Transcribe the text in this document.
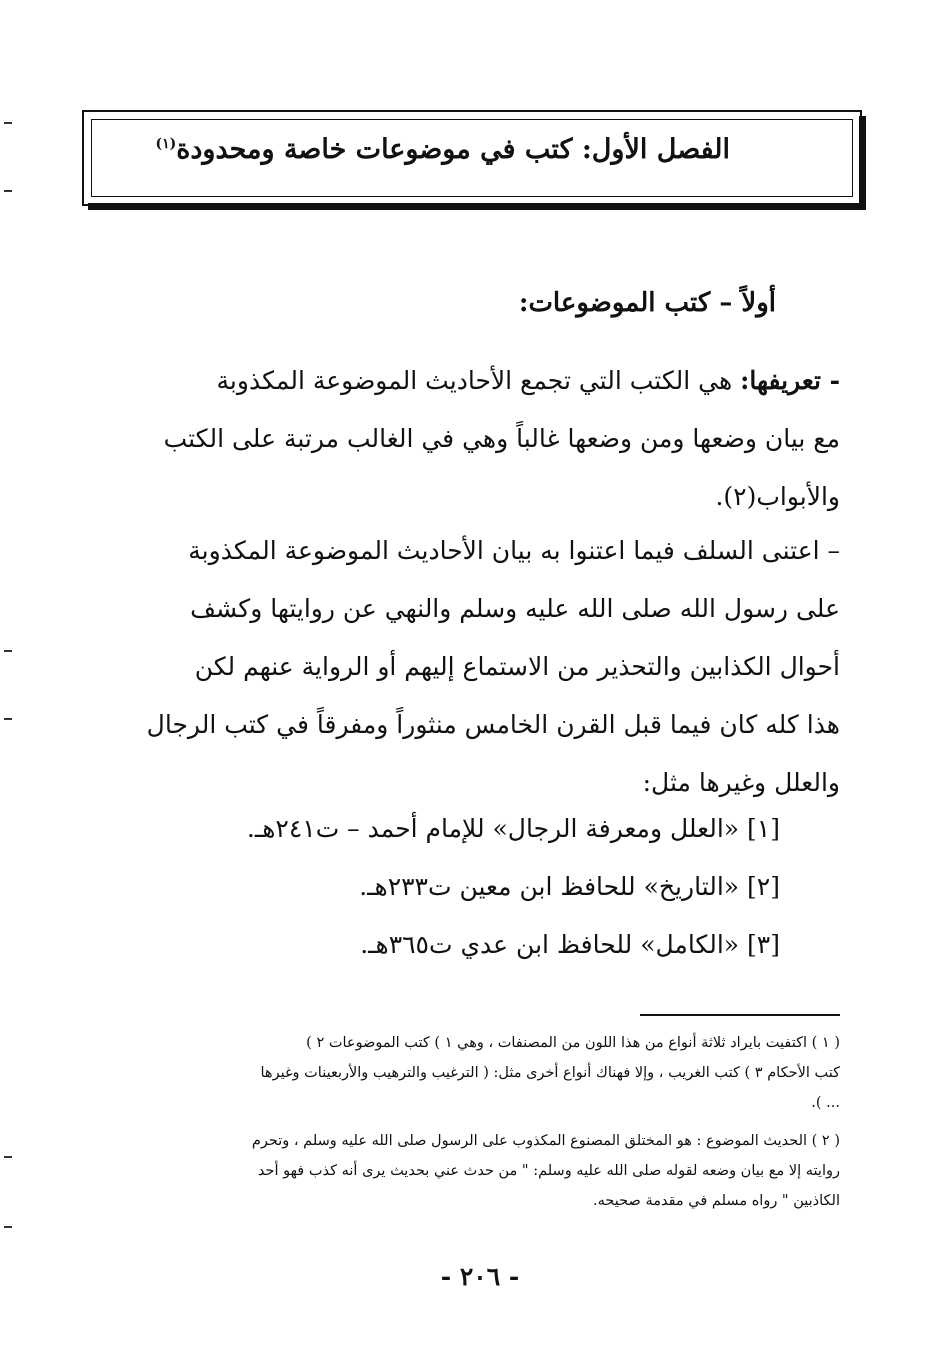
الفصل الأول: كتب في موضوعات خاصة ومحدودة$^{(١)}$
أولاً – كتب الموضوعات:
- تعريفها: هي الكتب التي تجمع الأحاديث الموضوعة المكذوبة
مع بيان وضعها ومن وضعها غالباً وهي في الغالب مرتبة على الكتب
والأبواب(٢).
– اعتنى السلف فيما اعتنوا به بيان الأحاديث الموضوعة المكذوبة
على رسول الله صلى الله عليه وسلم والنهي عن روايتها وكشف
أحوال الكذابين والتحذير من الاستماع إليهم أو الرواية عنهم لكن
هذا كله كان فيما قبل القرن الخامس منثوراً ومفرقاً في كتب الرجال
والعلل وغيرها مثل:
[١] «العلل ومعرفة الرجال» للإمام أحمد – ت٢٤١هـ.
[٢] «التاريخ» للحافظ ابن معين ت٢٣٣هـ.
[٣] «الكامل» للحافظ ابن عدي ت٣٦٥هـ.
( ١ ) اكتفيت بايراد ثلاثة أنواع من هذا اللون من المصنفات ، وهي ١ ) كتب الموضوعات ٢ )
كتب الأحكام ٣ ) كتب الغريب ، وإلا فهناك أنواع أخرى مثل: ( الترغيب والترهيب والأربعينات وغيرها
... ).
( ٢ ) الحديث الموضوع : هو المختلق المصنوع المكذوب على الرسول صلى الله عليه وسلم ، وتحرم
روايته إلا مع بيان وضعه لقوله صلى الله عليه وسلم: " من حدث عني بحديث يرى أنه كذب فهو أحد
الكاذبين " رواه مسلم في مقدمة صحيحه.
- ٢٠٦ -
